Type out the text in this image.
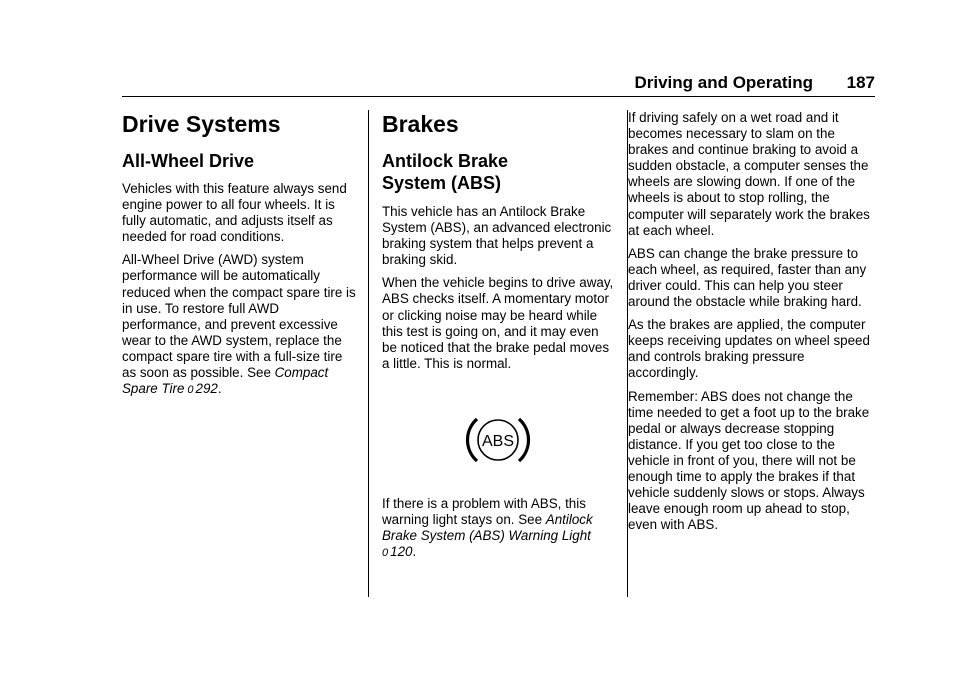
Driving and Operating 187
Drive Systems
All-Wheel Drive

Vehicles with this feature always send engine power to all four wheels. It is fully automatic, and adjusts itself as needed for road conditions.

All-Wheel Drive (AWD) system performance will be automatically reduced when the compact spare tire is in use. To restore full AWD performance, and prevent excessive wear to the AWD system, replace the compact spare tire with a full-size tire as soon as possible. See Compact Spare Tire 0 292.

Brakes
Antilock Brake
System (ABS)

This vehicle has an Antilock Brake System (ABS), an advanced electronic braking system that helps prevent a braking skid.

When the vehicle begins to drive away, ABS checks itself. A momentary motor or clicking noise may be heard while this test is going on, and it may even be noticed that the brake pedal moves a little. This is normal.

ABS

If there is a problem with ABS, this warning light stays on. See Antilock Brake System (ABS) Warning Light
0 120.

If driving safely on a wet road and it becomes necessary to slam on the brakes and continue braking to avoid a sudden obstacle, a computer senses the wheels are slowing down. If one of the wheels is about to stop rolling, the computer will separately work the brakes at each wheel.

ABS can change the brake pressure to each wheel, as required, faster than any driver could. This can help you steer around the obstacle while braking hard.

As the brakes are applied, the computer keeps receiving updates on wheel speed and controls braking pressure accordingly.

Remember: ABS does not change the time needed to get a foot up to the brake pedal or always decrease stopping distance. If you get too close to the vehicle in front of you, there will not be enough time to apply the brakes if that vehicle suddenly slows or stops. Always leave enough room up ahead to stop, even with ABS.
